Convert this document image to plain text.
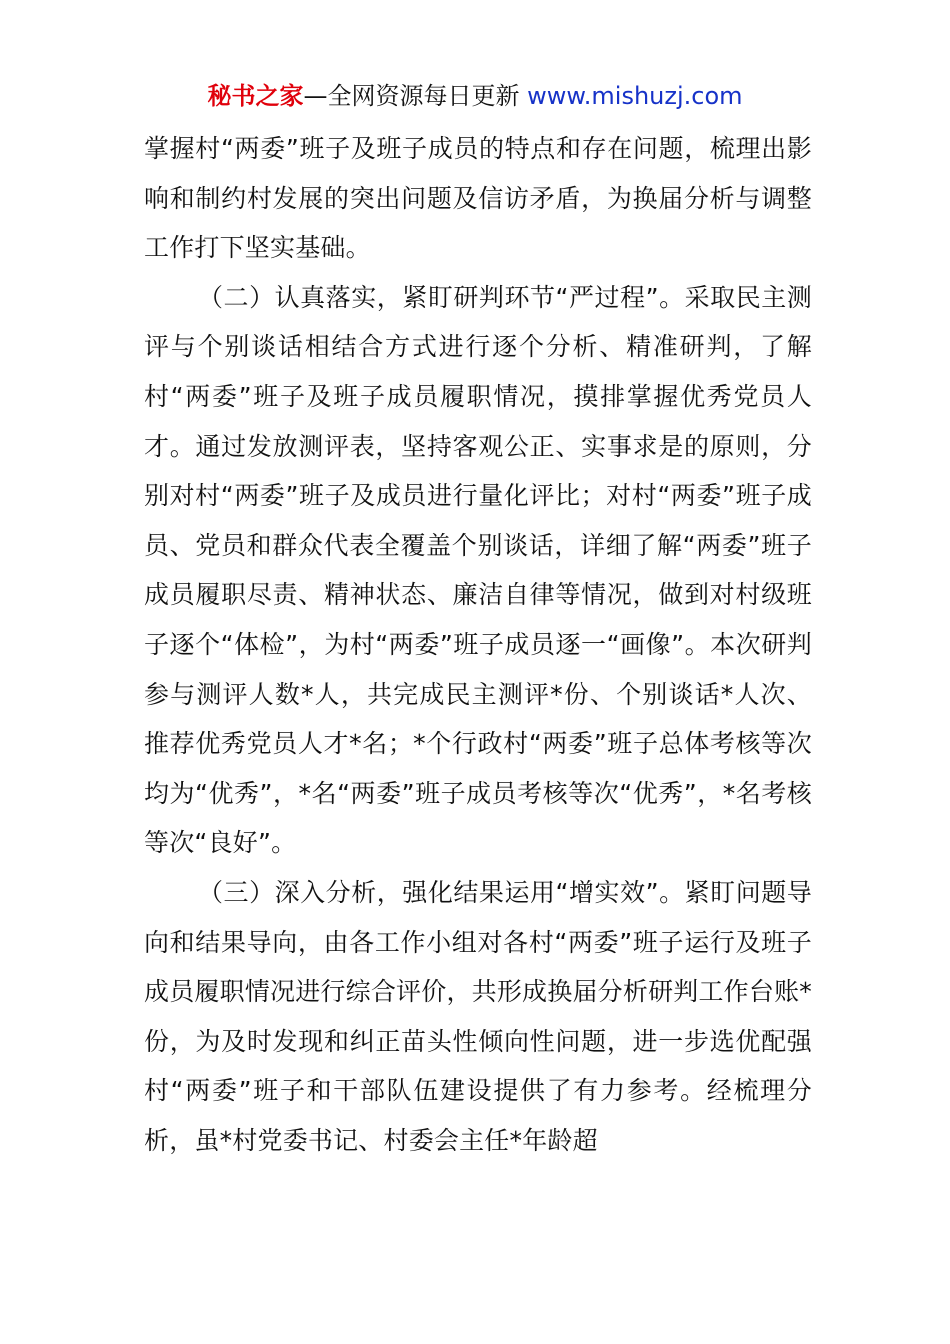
秘书之家—全网资源每日更新 www.mishuzj.com

掌握村“两委”班子及班子成员的特点和存在问题，梳理出影响和制约村发展的突出问题及信访矛盾，为换届分析与调整工作打下坚实基础。

（二）认真落实，紧盯研判环节“严过程”。采取民主测评与个别谈话相结合方式进行逐个分析、精准研判，了解村“两委”班子及班子成员履职情况，摸排掌握优秀党员人才。通过发放测评表，坚持客观公正、实事求是的原则，分别对村“两委”班子及成员进行量化评比；对村“两委”班子成员、党员和群众代表全覆盖个别谈话，详细了解“两委”班子成员履职尽责、精神状态、廉洁自律等情况，做到对村级班子逐个“体检”，为村“两委”班子成员逐一“画像”。本次研判参与测评人数*人，共完成民主测评*份、个别谈话*人次、推荐优秀党员人才*名；*个行政村“两委”班子总体考核等次均为“优秀”，*名“两委”班子成员考核等次“优秀”，*名考核等次“良好”。

（三）深入分析，强化结果运用“增实效”。紧盯问题导向和结果导向，由各工作小组对各村“两委”班子运行及班子成员履职情况进行综合评价，共形成换届分析研判工作台账*份，为及时发现和纠正苗头性倾向性问题，进一步选优配强村“两委”班子和干部队伍建设提供了有力参考。经梳理分析，虽*村党委书记、村委会主任*年龄超
